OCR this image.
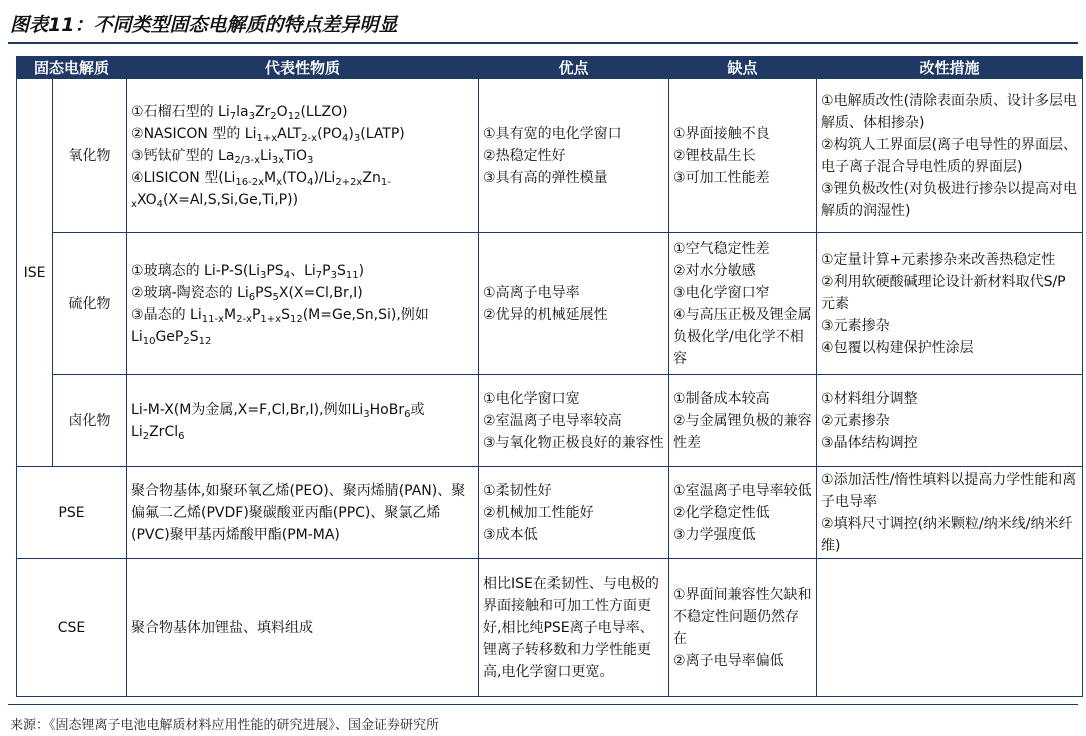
图表11：不同类型固态电解质的特点差异明显
固态电解质		代表性物质	优点	缺点	改性措施
ISE	氧化物	①石榴石型的 $Li_7la_3Zr_2O_{12}(LLZO)$
②NASICON 型的 $Li_{1+x}ALT_{2-x}(PO_4)_3(LATP)$
③钙钛矿型的 $La_{2/3-x}Li_{3x}TiO_3$
④LISICON 型$(Li_{16-2x}M_x(TO_4)/Li_{2+2x}Zn_{1-x}XO_4(X=Al,S,Si,Ge,Ti,P))$	①具有宽的电化学窗口
②热稳定性好
③具有高的弹性模量	①界面接触不良
②锂枝晶生长
③可加工性能差	①电解质改性(清除表面杂质、设计多层电解质、体相掺杂)
②构筑人工界面层(离子电导性的界面层、电子离子混合导电性质的界面层)
③锂负极改性(对负极进行掺杂以提高对电解质的润湿性)
	硫化物	①玻璃态的 $Li-P-S(Li_3PS_4$、$Li_7P_3S_{11}$)
②玻璃-陶瓷态的 $Li_6PS_5X(X=Cl,Br,I)$
③晶态的 $Li_{11-x}M_{2-x}P_{1+x}S_{12}(M=Ge,Sn,Si)$,例如$Li_{10}GeP_2S_{12}$	①高离子电导率
②优异的机械延展性	①空气稳定性差
②对水分敏感
③电化学窗口窄
④与高压正极及锂金属负极化学/电化学不相容	①定量计算+元素掺杂来改善热稳定性
②利用软硬酸碱理论设计新材料取代S/P元素
③元素掺杂
④包覆以构建保护性涂层
	卤化物	Li-M-X(M为金属,X=F,Cl,Br,I),例如$Li_3HoBr_6$或 $Li_2ZrCl_6$	①电化学窗口宽
②室温离子电导率较高
③与氧化物正极良好的兼容性	①制备成本较高
②与金属锂负极的兼容性差	①材料组分调整
②元素掺杂
③晶体结构调控
PSE		聚合物基体,如聚环氧乙烯(PEO)、聚丙烯腈(PAN)、聚偏氟二乙烯(PVDF)聚碳酸亚丙酯(PPC)、聚氯乙烯(PVC)聚甲基丙烯酸甲酯(PM-MA)	①柔韧性好
②机械加工性能好
③成本低	①室温离子电导率较低
②化学稳定性低
③力学强度低	①添加活性/惰性填料以提高力学性能和离子电导率
②填料尺寸调控(纳米颗粒/纳米线/纳米纤维)
CSE		聚合物基体加锂盐、填料组成	相比ISE在柔韧性、与电极的界面接触和可加工性方面更好,相比纯PSE离子电导率、锂离子转移数和力学性能更高,电化学窗口更宽。	①界面间兼容性欠缺和不稳定性问题仍然存在
②离子电导率偏低	
来源：《固态锂离子电池电解质材料应用性能的研究进展》、国金证券研究所
